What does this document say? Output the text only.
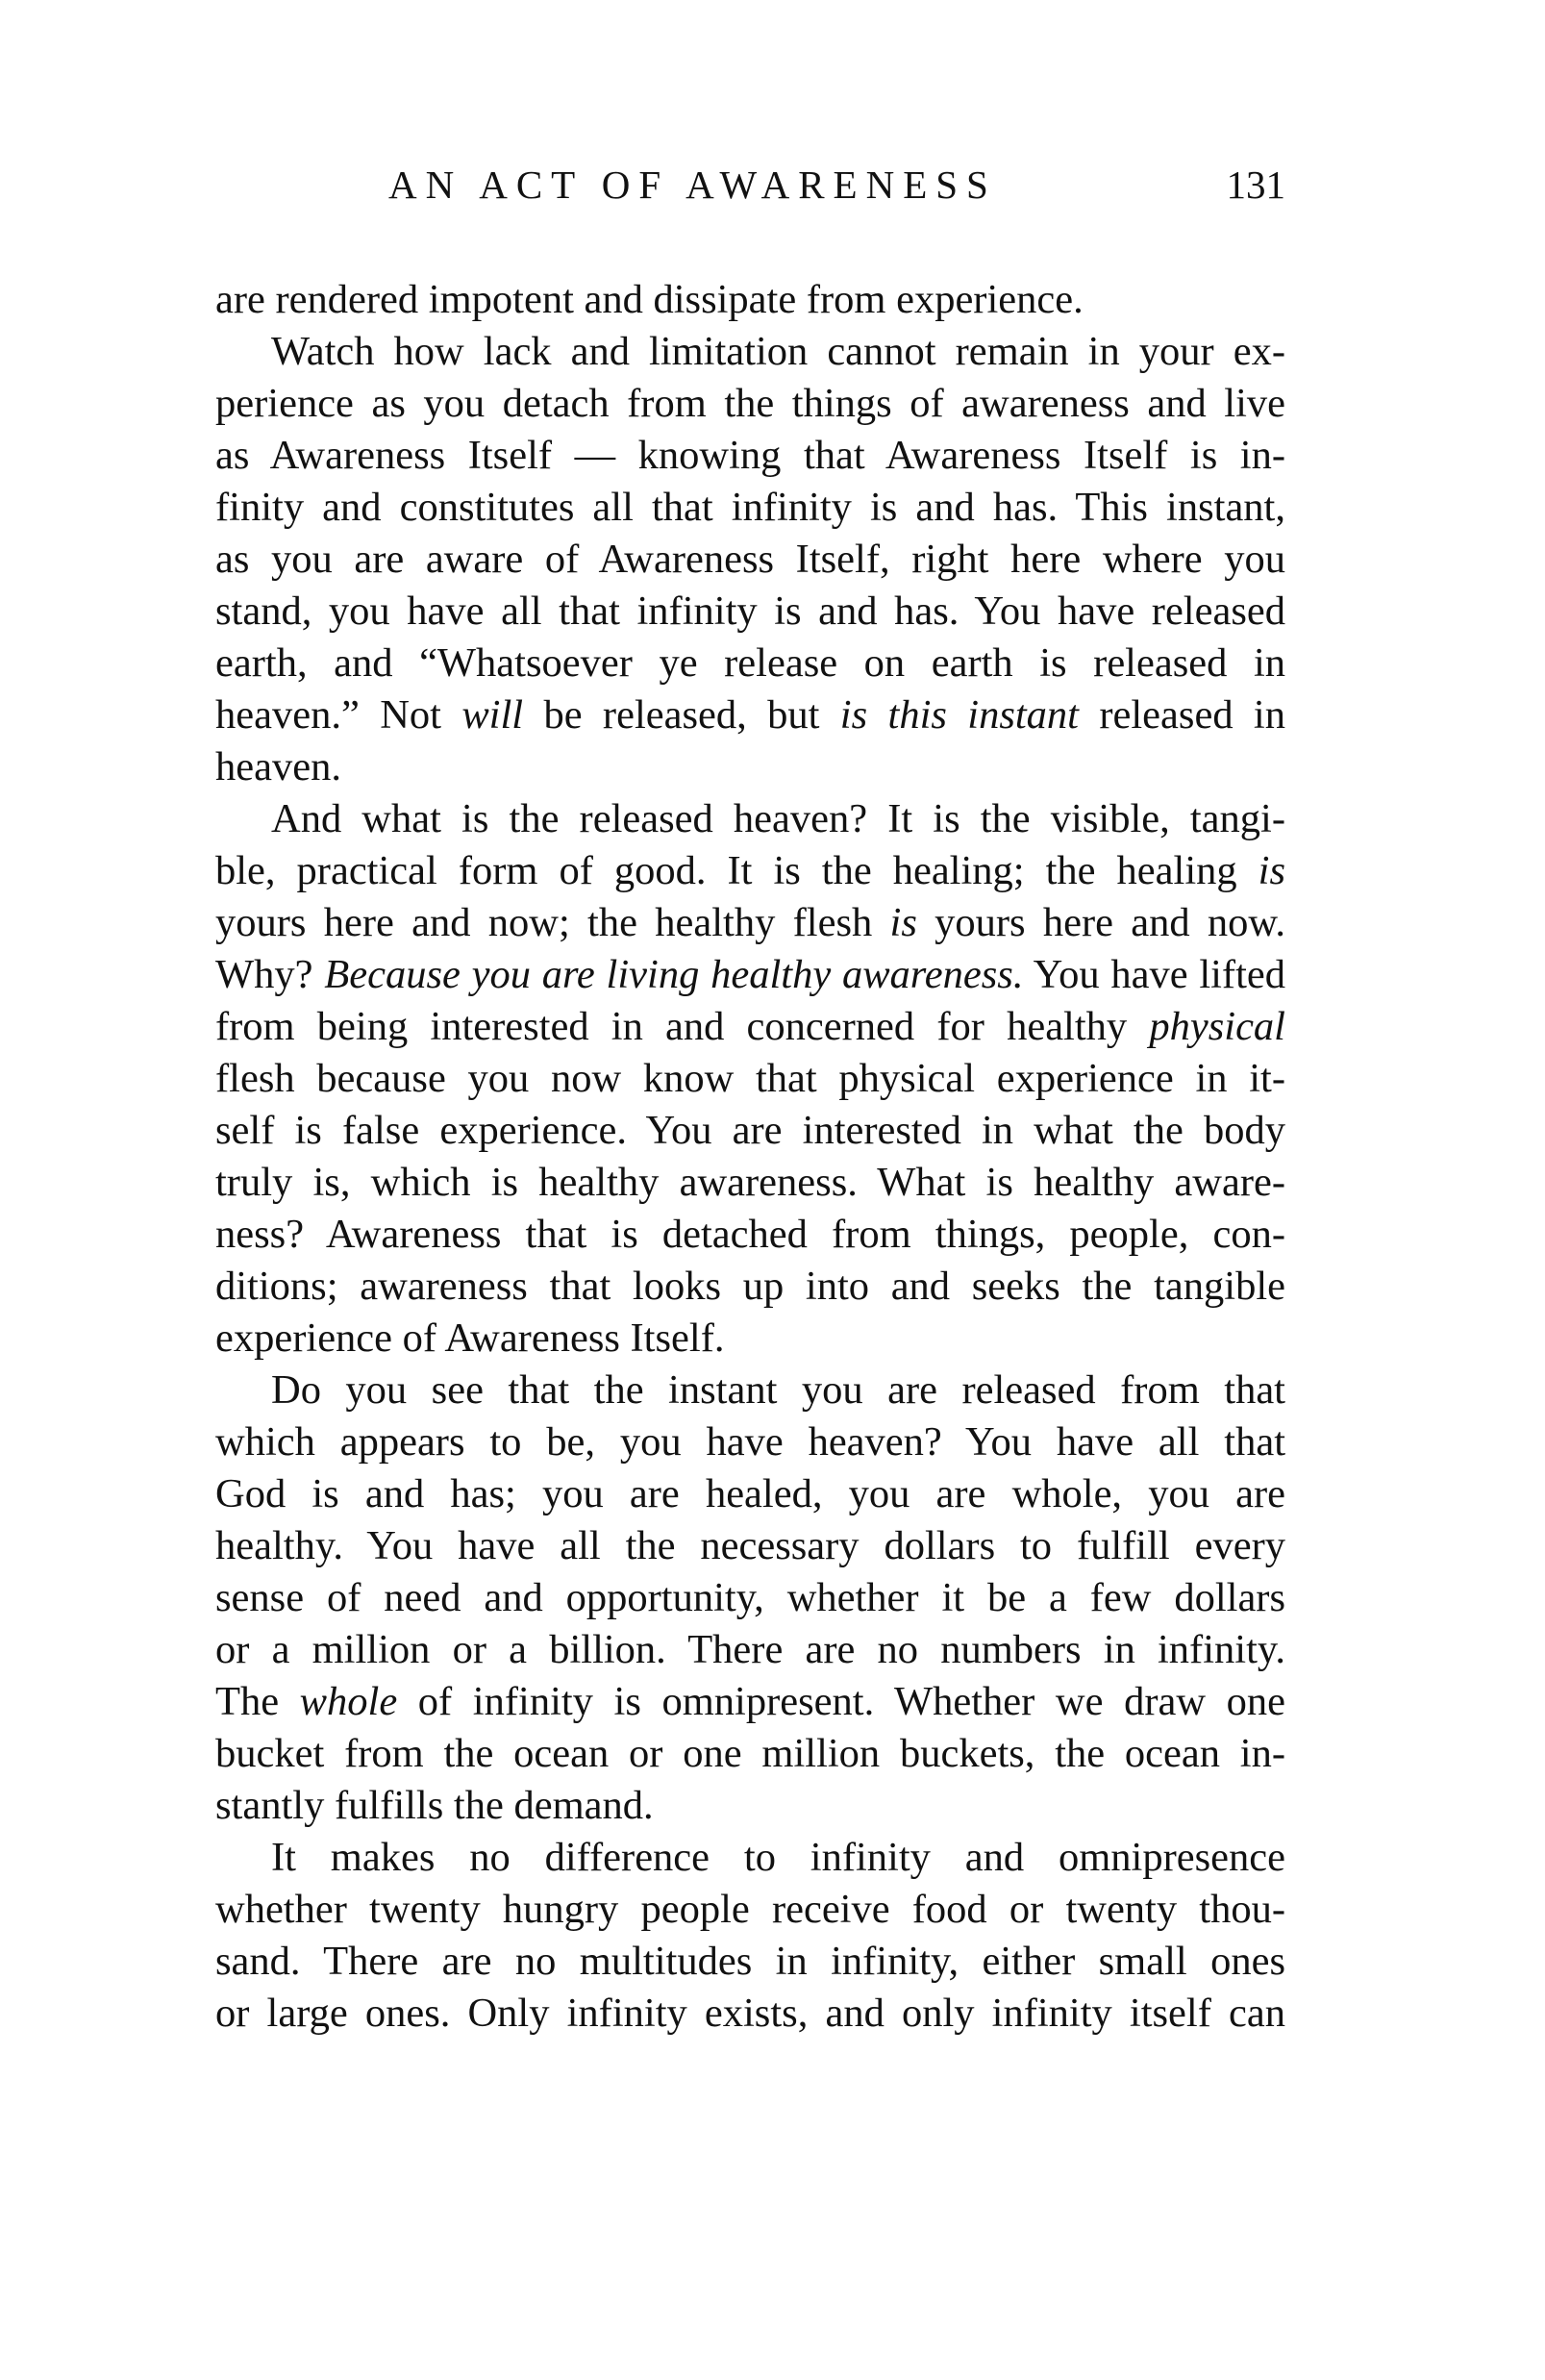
AN ACT OF AWARENESS	131
are rendered impotent and dissipate from experience.
Watch how lack and limitation cannot remain in your ex-
perience as you detach from the things of awareness and live
as Awareness Itself — knowing that Awareness Itself is in-
finity and constitutes all that infinity is and has. This instant,
as you are aware of Awareness Itself, right here where you
stand, you have all that infinity is and has. You have released
earth, and “Whatsoever ye release on earth is released in
heaven.” Not will be released, but is this instant released in
heaven.
And what is the released heaven? It is the visible, tangi-
ble, practical form of good. It is the healing; the healing is
yours here and now; the healthy flesh is yours here and now.
Why? Because you are living healthy awareness. You have lifted
from being interested in and concerned for healthy physical
flesh because you now know that physical experience in it-
self is false experience. You are interested in what the body
truly is, which is healthy awareness. What is healthy aware-
ness? Awareness that is detached from things, people, con-
ditions; awareness that looks up into and seeks the tangible
experience of Awareness Itself.
Do you see that the instant you are released from that
which appears to be, you have heaven? You have all that
God is and has; you are healed, you are whole, you are
healthy. You have all the necessary dollars to fulfill every
sense of need and opportunity, whether it be a few dollars
or a million or a billion. There are no numbers in infinity.
The whole of infinity is omnipresent. Whether we draw one
bucket from the ocean or one million buckets, the ocean in-
stantly fulfills the demand.
It makes no difference to infinity and omnipresence
whether twenty hungry people receive food or twenty thou-
sand. There are no multitudes in infinity, either small ones
or large ones. Only infinity exists, and only infinity itself can
